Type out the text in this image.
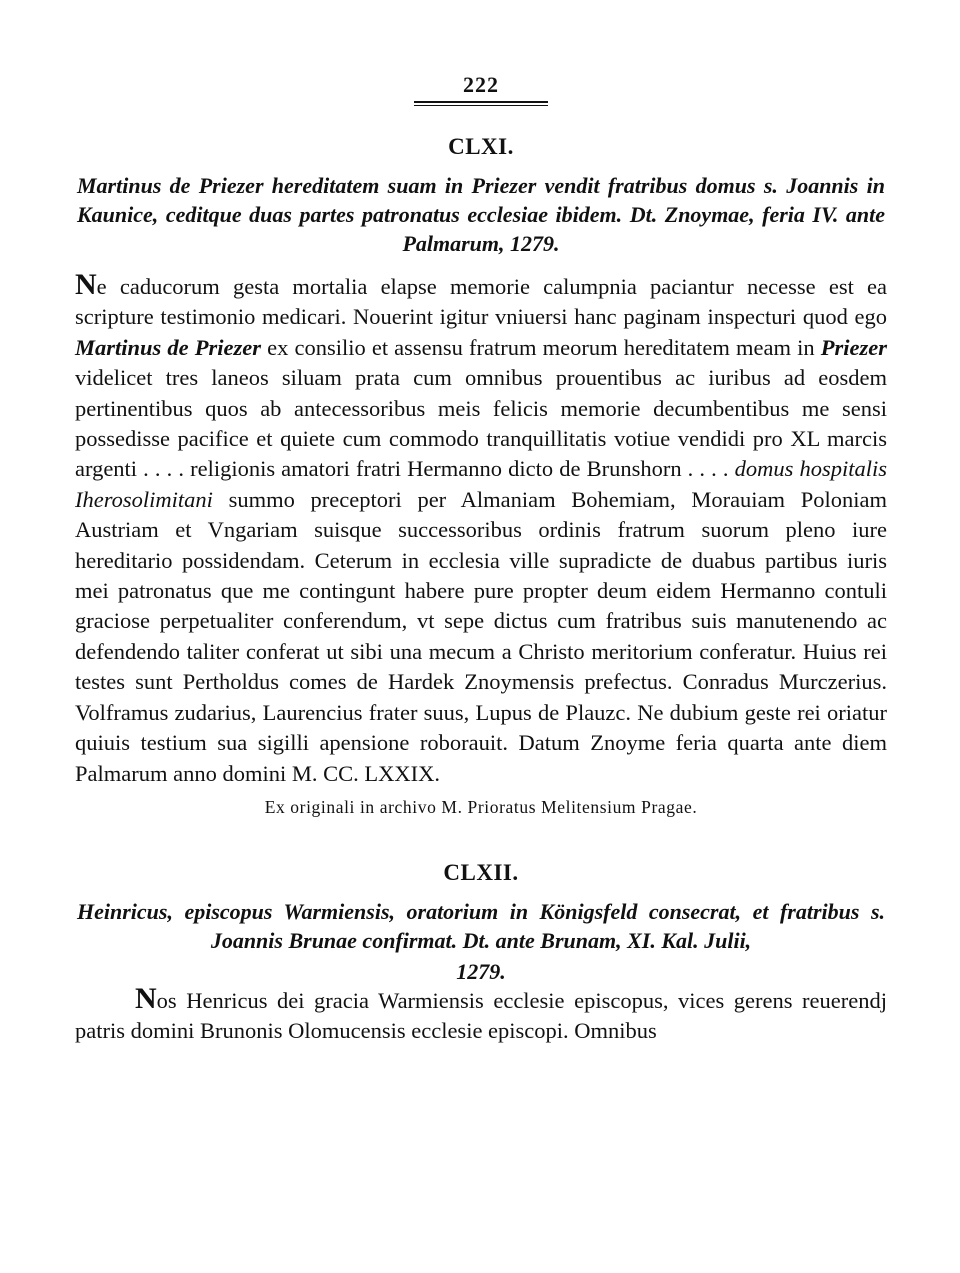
222
CLXI.

Martinus de Priezer hereditatem suam in Priezer vendit fratribus domus s. Joannis in Kaunice, ceditque duas partes patronatus ecclesiae ibidem. Dt. Znoymae, feria IV. ante Palmarum, 1279.

Ne caducorum gesta mortalia elapse memorie calumpnia paciantur necesse est ea scripture testimonio medicari. Nouerint igitur vniuersi hanc paginam inspecturi quod ego Martinus de Priezer ex consilio et assensu fratrum meorum hereditatem meam in Priezer videlicet tres laneos siluam prata cum omnibus prouentibus ac iuribus ad eosdem pertinentibus quos ab antecessoribus meis felicis memorie decumbentibus me sensi possedisse pacifice et quiete cum commodo tranquillitatis votiue vendidi pro XL marcis argenti . . . . religionis amatori fratri Hermanno dicto de Brunshorn . . . . domus hospitalis Iherosolimitani summo preceptori per Almaniam Bohemiam, Morauiam Poloniam Austriam et Vngariam suisque successoribus ordinis fratrum suorum pleno iure hereditario possidendam. Ceterum in ecclesia ville supradicte de duabus partibus iuris mei patronatus que me contingunt habere pure propter deum eidem Hermanno contuli graciose perpetualiter conferendum, vt sepe dictus cum fratribus suis manutenendo ac defendendo taliter conferat ut sibi una mecum a Christo meritorium conferatur. Huius rei testes sunt Pertholdus comes de Hardek Znoymensis prefectus. Conradus Murczerius. Volframus zudarius, Laurencius frater suus, Lupus de Plauzc. Ne dubium geste rei oriatur quiuis testium sua sigilli apensione roborauit. Datum Znoyme feria quarta ante diem Palmarum anno domini M. CC. LXXIX.

Ex originali in archivo M. Prioratus Melitensium Pragae.

CLXII.

Heinricus, episcopus Warmiensis, oratorium in Königsfeld consecrat, et fratribus s. Joannis Brunae confirmat. Dt. ante Brunam, XI. Kal. Julii,

1279.

Nos Henricus dei gracia Warmiensis ecclesie episcopus, vices gerens reuerendj patris domini Brunonis Olomucensis ecclesie episcopi. Omnibus
